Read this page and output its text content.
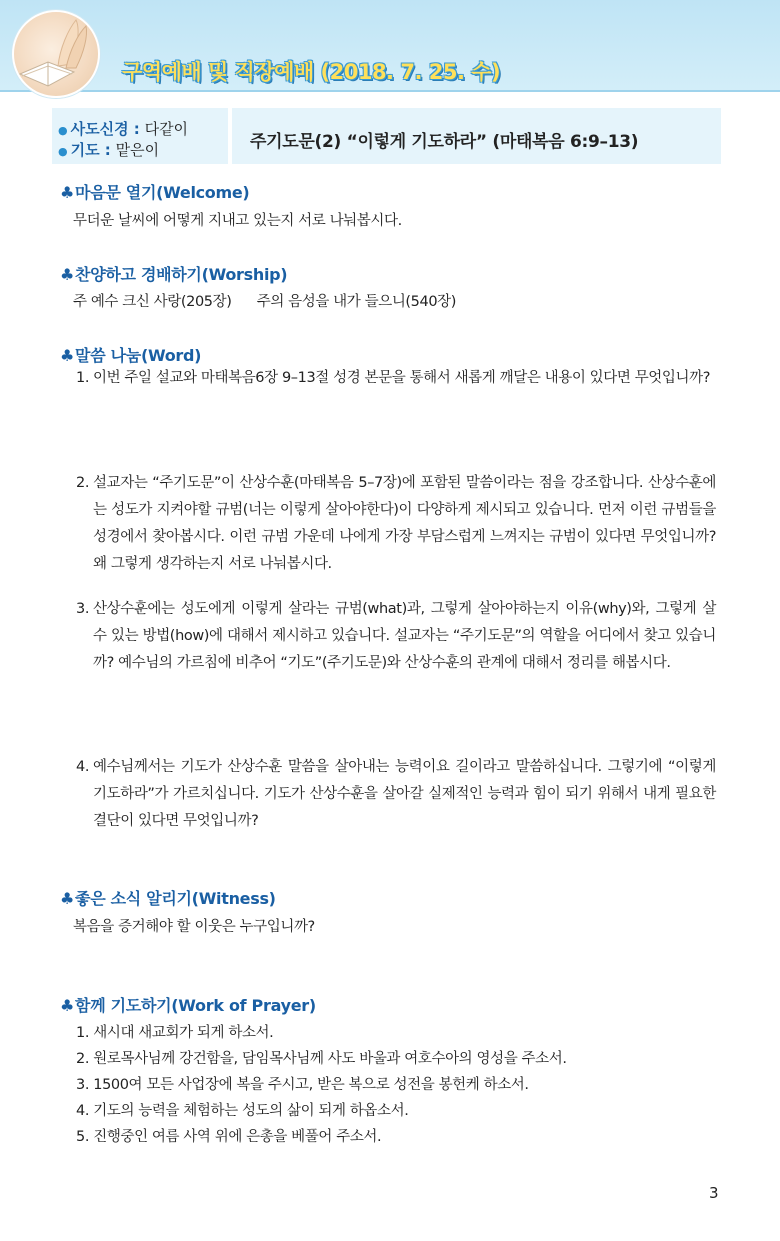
구역예배 및 직장예배 (2018. 7. 25. 수)
● 사도신경 : 다같이
● 기도 : 맡은이	주기도문(2) “이렇게 기도하라” (마태복음 6:9–13)
♣마음문 열기(Welcome)
무더운 날씨에 어떻게 지내고 있는지 서로 나눠봅시다.
♣찬양하고 경배하기(Worship)
주 예수 크신 사랑(205장)      주의 음성을 내가 들으니(540장)
♣말씀 나눔(Word)
1. 이번 주일 설교와 마태복음6장 9–13절 성경 본문을 통해서 새롭게 깨달은 내용이 있다면 무엇입니까?
2. 설교자는 “주기도문”이 산상수훈(마태복음 5–7장)에 포함된 말씀이라는 점을 강조합니다. 산상수훈에는 성도가 지켜야할 규범(너는 이렇게 살아야한다)이 다양하게 제시되고 있습니다. 먼저 이런 규범들을 성경에서 찾아봅시다. 이런 규범 가운데 나에게 가장 부담스럽게 느껴지는 규범이 있다면 무엇입니까? 왜 그렇게 생각하는지 서로 나눠봅시다.
3. 산상수훈에는 성도에게 이렇게 살라는 규범(what)과, 그렇게 살아야하는지 이유(why)와, 그렇게 살 수 있는 방법(how)에 대해서 제시하고 있습니다. 설교자는 “주기도문”의 역할을 어디에서 찾고 있습니까? 예수님의 가르침에 비추어 “기도”(주기도문)와 산상수훈의 관계에 대해서 정리를 해봅시다.
4. 예수님께서는 기도가 산상수훈 말씀을 살아내는 능력이요 길이라고 말씀하십니다. 그렇기에 “이렇게 기도하라”가 가르치십니다. 기도가 산상수훈을 살아갈 실제적인 능력과 힘이 되기 위해서 내게 필요한 결단이 있다면 무엇입니까?
♣좋은 소식 알리기(Witness)
복음을 증거해야 할 이웃은 누구입니까?
♣함께 기도하기(Work of Prayer)
1. 새시대 새교회가 되게 하소서.
2. 원로목사님께 강건함을, 담임목사님께 사도 바울과 여호수아의 영성을 주소서.
3. 1500여 모든 사업장에 복을 주시고, 받은 복으로 성전을 봉헌케 하소서.
4. 기도의 능력을 체험하는 성도의 삶이 되게 하옵소서.
5. 진행중인 여름 사역 위에 은총을 베풀어 주소서.
3
